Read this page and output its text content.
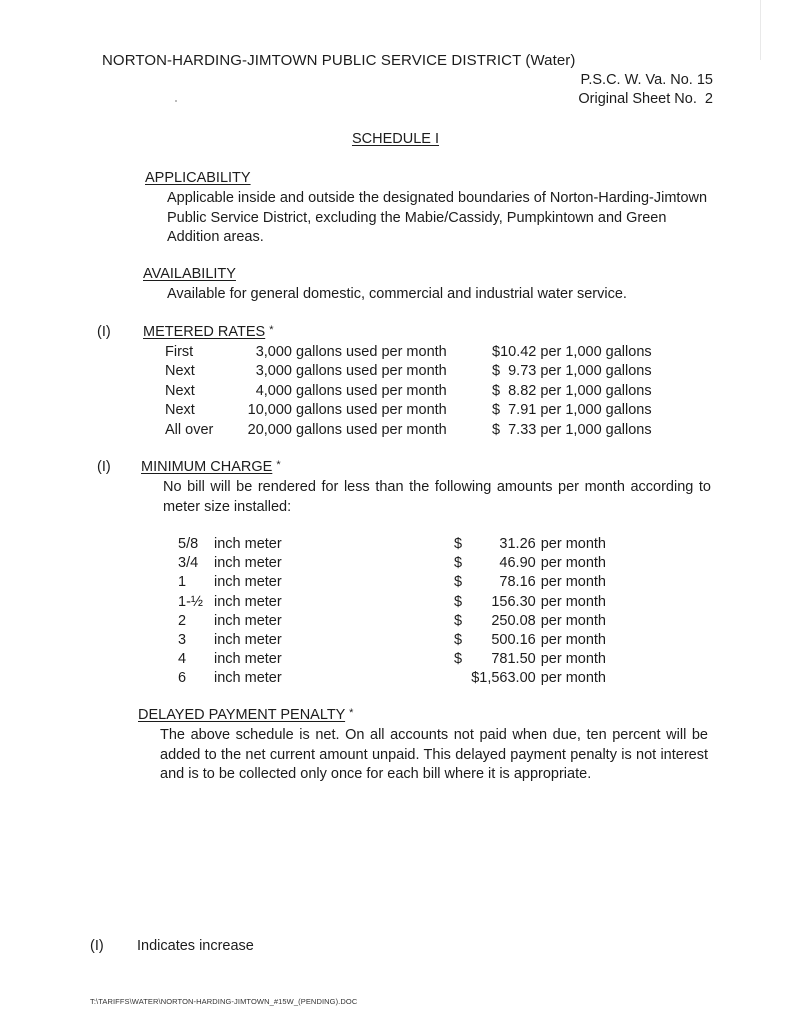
NORTON-HARDING-JIMTOWN PUBLIC SERVICE DISTRICT (Water)
P.S.C. W. Va. No. 15
Original Sheet No.  2
SCHEDULE I
APPLICABILITY
Applicable inside and outside the designated boundaries of Norton-Harding-Jimtown Public Service District, excluding the Mabie/Cassidy, Pumpkintown and Green Addition areas.
AVAILABILITY
Available for general domestic, commercial and industrial water service.
(I) METERED RATES *
First	3,000 gallons used per month	$10.42 per 1,000 gallons
Next	3,000 gallons used per month	$  9.73 per 1,000 gallons
Next	4,000 gallons used per month	$  8.82 per 1,000 gallons
Next	10,000 gallons used per month	$  7.91 per 1,000 gallons
All over	20,000 gallons used per month	$  7.33 per 1,000 gallons
(I) MINIMUM CHARGE *
No bill will be rendered for less than the following amounts per month according to meter size installed:
5/8	inch meter	$	31.26 per month
3/4	inch meter	$	46.90 per month
1	inch meter	$	78.16 per month
1-½ inch meter	$	156.30 per month
2	inch meter	$	250.08 per month
3	inch meter	$	500.16 per month
4	inch meter	$	781.50 per month
6	inch meter	$1,563.00 per month
DELAYED PAYMENT PENALTY *
The above schedule is net. On all accounts not paid when due, ten percent will be added to the net current amount unpaid. This delayed payment penalty is not interest and is to be collected only once for each bill where it is appropriate.
(I) Indicates increase
T:\TARIFFS\WATER\NORTON-HARDING-JIMTOWN_#15W_(PENDING).DOC
